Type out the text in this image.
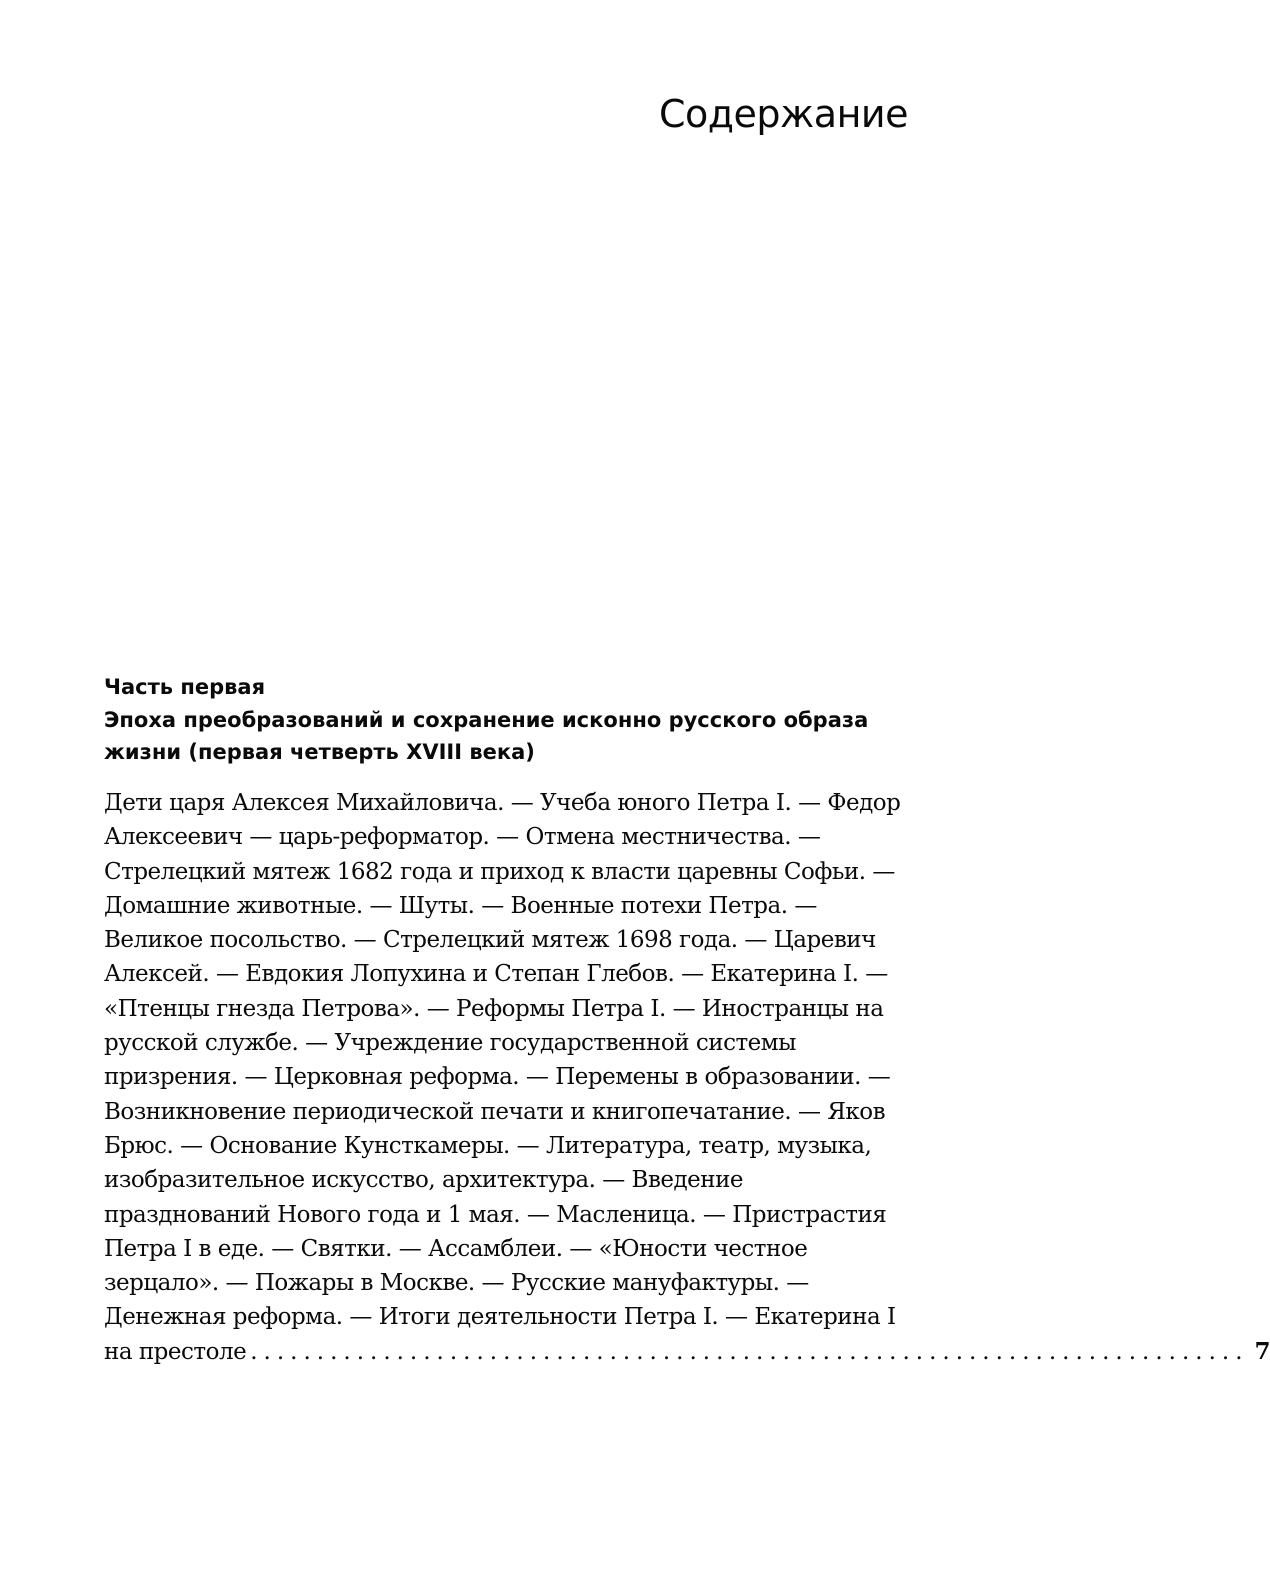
Содержание

Часть первая

Эпоха преобразований и сохранение исконно русского образа жизни (первая четверть XVIII века)

Дети царя Алексея Михайловича. — Учеба юного Петра I. — Федор Алексеевич — царь-реформатор. — Отмена местничества. — Стрелецкий мятеж 1682 года и приход к власти царевны Софьи. — Домашние животные. — Шуты. — Военные потехи Петра. — Великое посольство. — Стрелецкий мятеж 1698 года. — Царевич Алексей. — Евдокия Лопухина и Степан Глебов. — Екатерина I. — «Птенцы гнезда Петрова». — Реформы Петра I. — Иностранцы на русской службе. — Учреждение государственной системы призрения. — Церковная реформа. — Перемены в образовании. — Возникновение периодической печати и книгопечатание. — Яков Брюс. — Основание Кунсткамеры. — Литература, театр, музыка, изобразительное искусство, архитектура. — Введение празднований Нового года и 1 мая. — Масленица. — Пристрастия Петра I в еде. — Святки. — Ассамблеи. — «Юности честное зерцало». — Пожары в Москве. — Русские мануфактуры. — Денежная реформа. — Итоги деятельности Петра I. — Екатерина I

на престоле ........................................................................... 7
